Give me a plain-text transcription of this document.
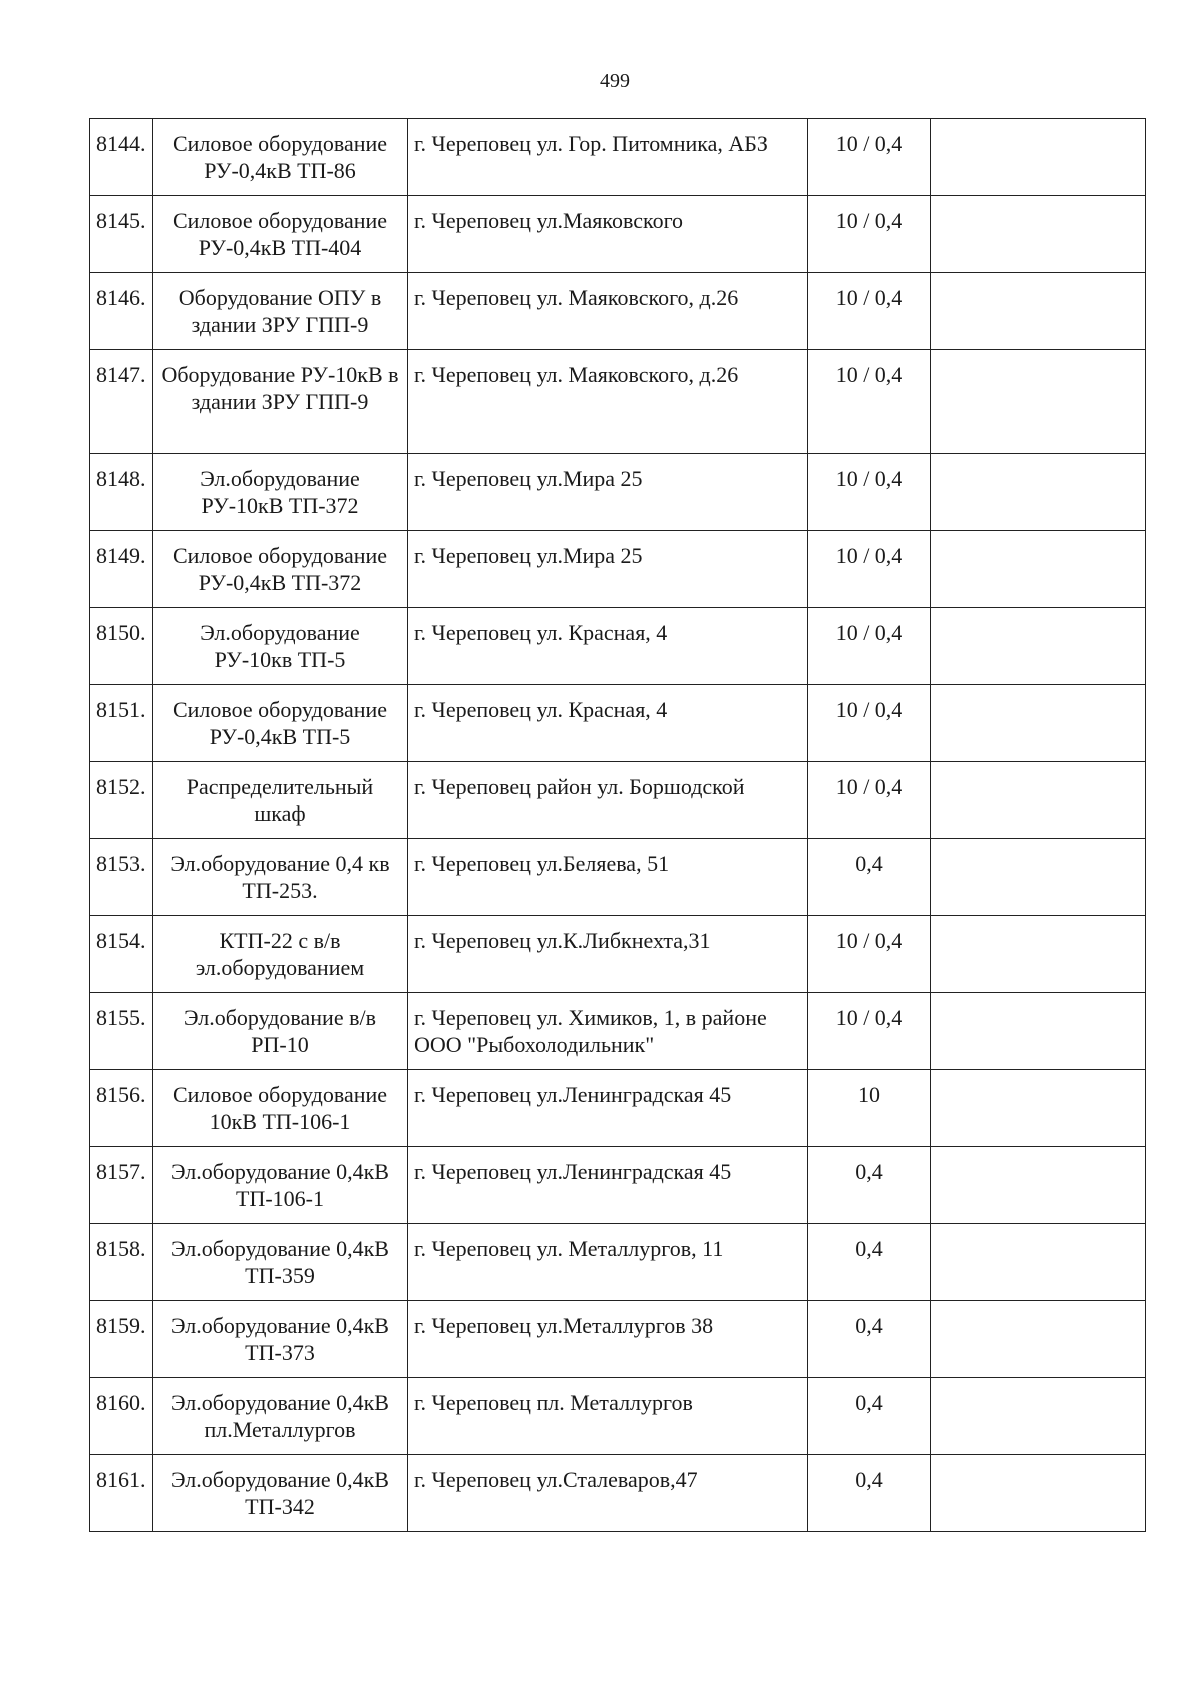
499
8144.	Силовое оборудование РУ-0,4кВ ТП-86	г. Череповец ул. Гор. Питомника, АБЗ	10 / 0,4	
8145.	Силовое оборудование РУ-0,4кВ ТП-404	г. Череповец ул.Маяковского	10 / 0,4	
8146.	Оборудование ОПУ в здании ЗРУ ГПП-9	г. Череповец ул. Маяковского, д.26	10 / 0,4	
8147.	Оборудование РУ-10кВ в здании ЗРУ ГПП-9	г. Череповец ул. Маяковского, д.26	10 / 0,4	
8148.	Эл.оборудование РУ-10кВ ТП-372	г. Череповец ул.Мира 25	10 / 0,4	
8149.	Силовое оборудование РУ-0,4кВ ТП-372	г. Череповец ул.Мира 25	10 / 0,4	
8150.	Эл.оборудование РУ-10кв ТП-5	г. Череповец ул. Красная, 4	10 / 0,4	
8151.	Силовое оборудование РУ-0,4кВ ТП-5	г. Череповец ул. Красная, 4	10 / 0,4	
8152.	Распределительный шкаф	г. Череповец район ул. Боршодской	10 / 0,4	
8153.	Эл.оборудование 0,4 кв ТП-253.	г. Череповец ул.Беляева, 51	0,4	
8154.	КТП-22 с в/в эл.оборудованием	г. Череповец ул.К.Либкнехта,31	10 / 0,4	
8155.	Эл.оборудование в/в РП-10	г. Череповец ул. Химиков, 1, в районе ООО "Рыбохолодильник"	10 / 0,4	
8156.	Силовое оборудование 10кВ ТП-106-1	г. Череповец ул.Ленинградская 45	10	
8157.	Эл.оборудование 0,4кВ ТП-106-1	г. Череповец ул.Ленинградская 45	0,4	
8158.	Эл.оборудование 0,4кВ ТП-359	г. Череповец ул. Металлургов, 11	0,4	
8159.	Эл.оборудование 0,4кВ ТП-373	г. Череповец ул.Металлургов 38	0,4	
8160.	Эл.оборудование 0,4кВ пл.Металлургов	г. Череповец пл. Металлургов	0,4	
8161.	Эл.оборудование 0,4кВ ТП-342	г. Череповец ул.Сталеваров,47	0,4	
